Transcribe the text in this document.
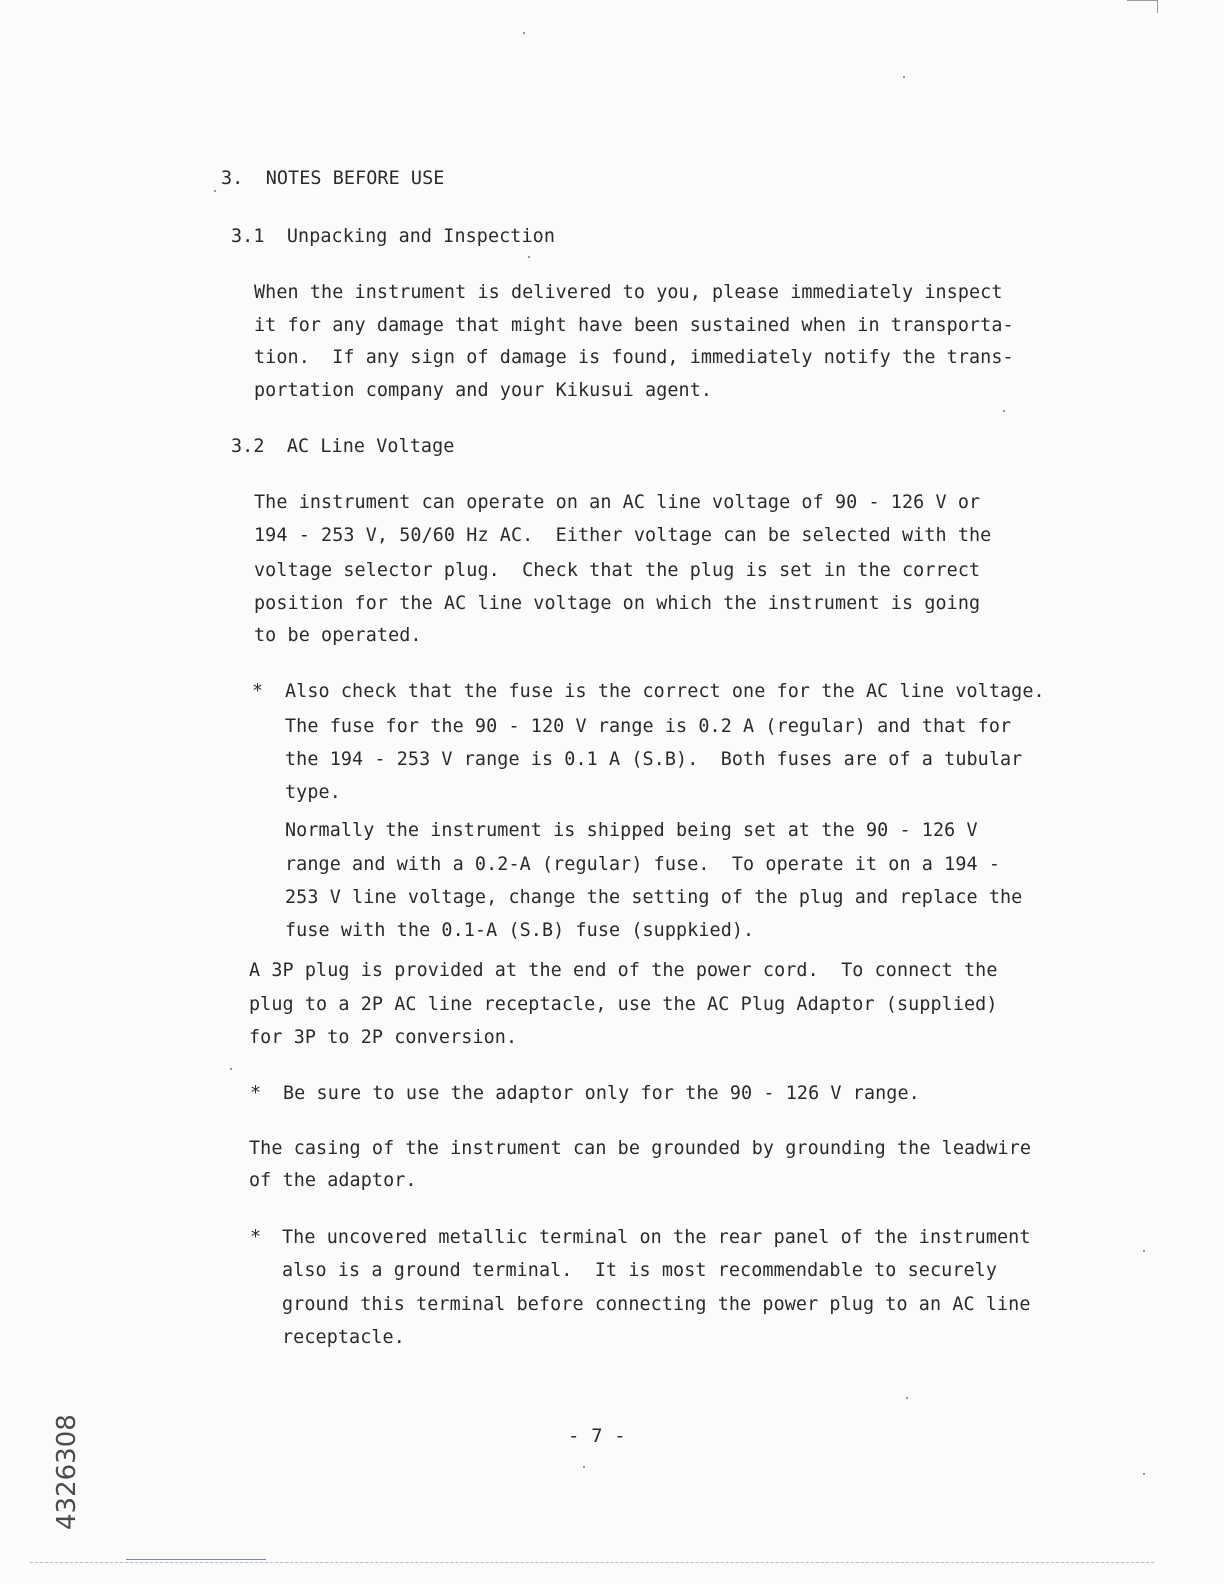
3.  NOTES BEFORE USE
3.1  Unpacking and Inspection
When the instrument is delivered to you, please immediately inspect
it for any damage that might have been sustained when in transporta-
tion.  If any sign of damage is found, immediately notify the trans-
portation company and your Kikusui agent.
3.2  AC Line Voltage
The instrument can operate on an AC line voltage of 90 - 126 V or
194 - 253 V, 50/60 Hz AC.  Either voltage can be selected with the
voltage selector plug.  Check that the plug is set in the correct
position for the AC line voltage on which the instrument is going
to be operated.
* Also check that the fuse is the correct one for the AC line voltage.
The fuse for the 90 - 120 V range is 0.2 A (regular) and that for
the 194 - 253 V range is 0.1 A (S.B).  Both fuses are of a tubular
type.
Normally the instrument is shipped being set at the 90 - 126 V
range and with a 0.2-A (regular) fuse.  To operate it on a 194 -
253 V line voltage, change the setting of the plug and replace the
fuse with the 0.1-A (S.B) fuse (suppkied).
A 3P plug is provided at the end of the power cord.  To connect the
plug to a 2P AC line receptacle, use the AC Plug Adaptor (supplied)
for 3P to 2P conversion.
* Be sure to use the adaptor only for the 90 - 126 V range.
The casing of the instrument can be grounded by grounding the leadwire
of the adaptor.
* The uncovered metallic terminal on the rear panel of the instrument
also is a ground terminal.  It is most recommendable to securely
ground this terminal before connecting the power plug to an AC line
receptacle.
- 7 -
4326308
